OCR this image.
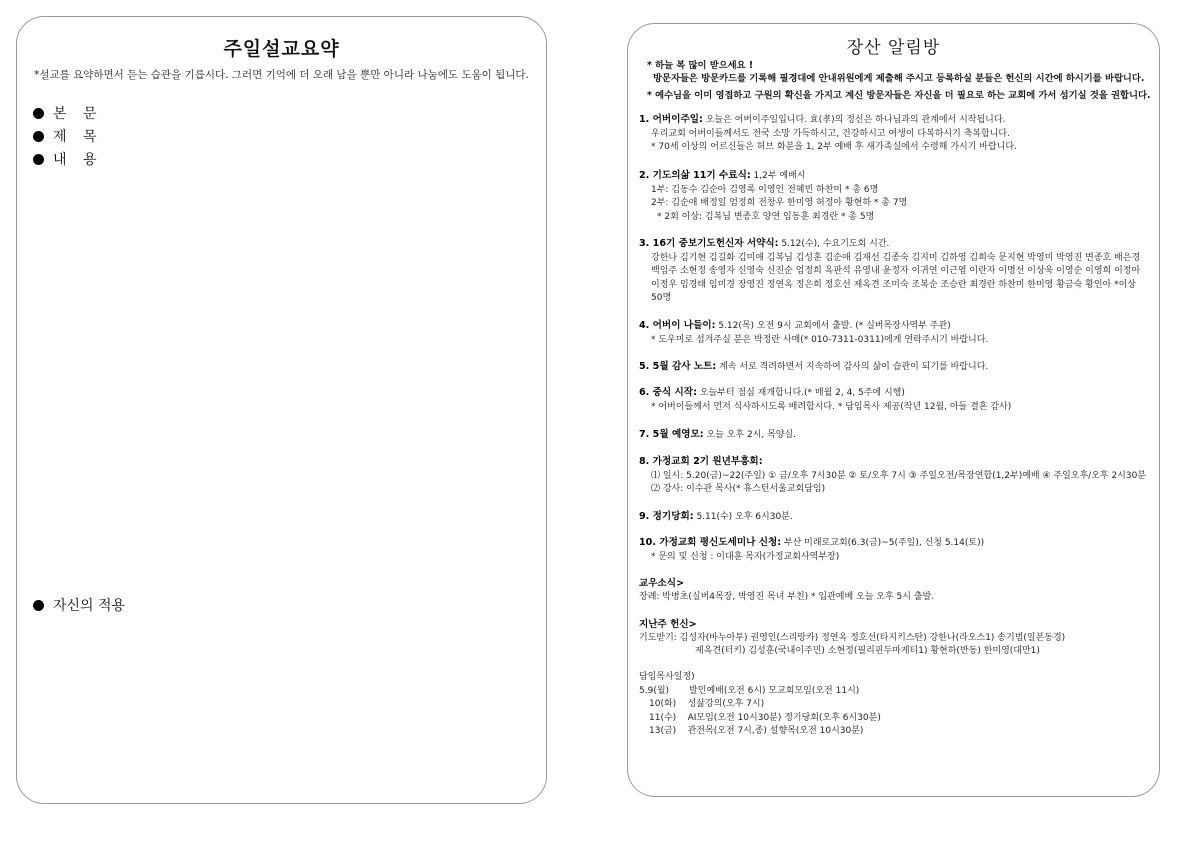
주일설교요약
*설교를 요약하면서 듣는 습관을 기릅시다. 그러면 기억에 더 오래 남을 뿐만 아니라 나눔에도 도움이 됩니다.
본 문
제 목
내 용
자신의 적용
장산 알림방
* 하늘 복 많이 받으세요 !
방문자들은 방문카드를 기록해 필경대에 안내위원에게 제출해 주시고 등록하실 분들은 헌신의 시간에 하시기를 바랍니다.
* 예수님을 이미 영접하고 구원의 확신을 가지고 계신 방문자들은 자신을 더 필요로 하는 교회에 가서 섬기실 것을 권합니다.
1. 어버이주일: 오늘은 어버이주일입니다. 효(孝)의 정신은 하나님과의 관계에서 시작됩니다.
우리교회 어버이들께서도 전국 소망 가득하시고, 건강하시고 여생이 다복하시기 축복합니다.
* 70세 이상의 어르신들은 허브 화분을 1, 2부 예배 후 새가족실에서 수령해 가시기 바랍니다.
2. 기도의삶 11기 수료식: 1,2부 예배시
1부: 김동수 김순아 김영록 이영인 전혜빈 하찬미 * 총 6명
2부: 김순애 배정일 엄정희 전창우 한미영 허정아 황현하 * 총 7명
* 2회 이상: 김복님 변종호 양연 임동훈 최경란 * 총 5명
3. 16기 중보기도헌신자 서약식: 5.12(수), 수요기도회 시간.
강한나 김기현 김길화 김미애 김복님 김성훈 김순애 김재선 김종숙 김지미 김하영 김희숙 문지현 박영미 박영진 변종호 배은경 백임주 소현정 송영자 신영숙 신진순 엄정희 옥판석 유영내 윤정자 이귀연 이근엽 이란자 이명선 이상욱 이영순 이영희 이정아 이정우 임경태 임미경 장영진 정연옥 정은희 정호선 제옥견 조미숙 조복순 조승란 최경란 하찬미 한미영 황금숙 황인아 *이상 50명
4. 어버이 나들이: 5.12(목) 오전 9시 교회에서 출발. (* 실버목장사역부 주관)
* 도우미로 섬겨주실 분은 박정란 사매(* 010-7311-0311)에게 연락주시기 바랍니다.
5. 5월 감사 노트: 계속 서로 격려하면서 지속하여 감사의 삶이 습관이 되기를 바랍니다.
6. 중식 시작: 오늘부터 점심 재개합니다.(* 매월 2, 4, 5주에 시행)
* 어버이들께서 먼저 식사하시도록 배려합시다. * 담임목사 제공(작년 12월, 아들 결혼 감사)
7. 5월 예영모: 오늘 오후 2시, 목양실.
8. 가정교회 2기 원년부흥회:
⑴ 일시: 5.20(금)~22(주일) ① 금/오후 7시30분 ② 토/오후 7시 ③ 주일오전/목장연합(1,2부)예배 ④ 주일오후/오후 2시30분
⑵ 강사: 이수관 목사(* 휴스턴서울교회담임)
9. 정기당회: 5.11(수) 오후 6시30분.
10. 가정교회 평신도세미나 신청: 부산 미래로교회(6.3(금)~5(주일), 신청 5.14(토))
* 문의 및 신청 : 이대훈 목자(가정교회사역부장)
교우소식>
장례: 박병초(실버4목장, 박영진 목녀 부친) * 입관예배 오늘 오후 5시 출발.
지난주 헌신>
기도받기: 김성자(바누아투) 권영인(스리랑카) 정연옥 정호선(타지키스탄) 강한나(라오스1) 송기범(일본동경)
제옥견(터키) 김성훈(국내이주민) 소현정(필리핀두마게티1) 황현하(반동) 한미영(대만1)
담임목사일정)
5.9(월)       발인예배(오전 6시) 모교회모임(오전 11시)
10(화)    성삶강의(오후 7시)
11(수)    AI모임(오전 10시30분) 정기당회(오후 6시30분)
13(금)    관전목(오전 7시,종) 설향목(오전 10시30분)
